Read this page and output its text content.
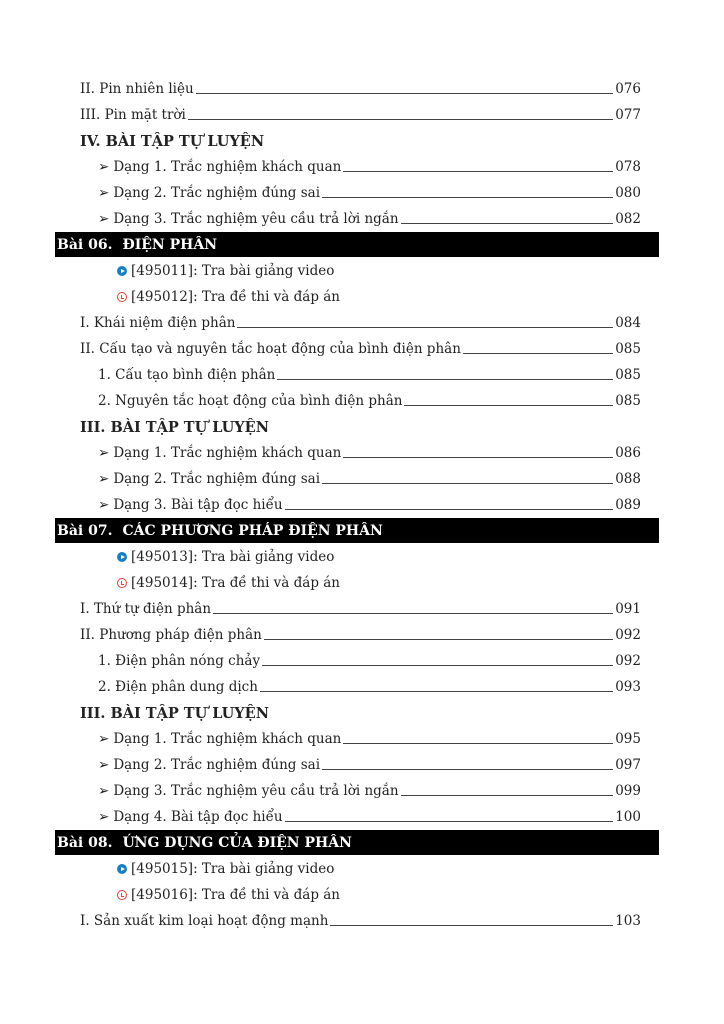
II. Pin nhiên liệu	076
III. Pin mặt trời	077
IV. BÀI TẬP TỰ LUYỆN
➢ Dạng 1. Trắc nghiệm khách quan	078
➢ Dạng 2. Trắc nghiệm đúng sai	080
➢ Dạng 3. Trắc nghiệm yêu cầu trả lời ngắn	082
Bài 06. ĐIỆN PHÂN
[495011]: Tra bài giảng video
[495012]: Tra đề thi và đáp án
I. Khái niệm điện phân	084
II. Cấu tạo và nguyên tắc hoạt động của bình điện phân	085
1. Cấu tạo bình điện phân	085
2. Nguyên tắc hoạt động của bình điện phân	085
III. BÀI TẬP TỰ LUYỆN
➢ Dạng 1. Trắc nghiệm khách quan	086
➢ Dạng 2. Trắc nghiệm đúng sai	088
➢ Dạng 3. Bài tập đọc hiểu	089
Bài 07. CÁC PHƯƠNG PHÁP ĐIỆN PHÂN
[495013]: Tra bài giảng video
[495014]: Tra đề thi và đáp án
I. Thứ tự điện phân	091
II. Phương pháp điện phân	092
1. Điện phân nóng chảy	092
2. Điện phân dung dịch	093
III. BÀI TẬP TỰ LUYỆN
➢ Dạng 1. Trắc nghiệm khách quan	095
➢ Dạng 2. Trắc nghiệm đúng sai	097
➢ Dạng 3. Trắc nghiệm yêu cầu trả lời ngắn	099
➢ Dạng 4. Bài tập đọc hiểu	100
Bài 08. ỨNG DỤNG CỦA ĐIỆN PHÂN
[495015]: Tra bài giảng video
[495016]: Tra đề thi và đáp án
I. Sản xuất kim loại hoạt động mạnh	103
